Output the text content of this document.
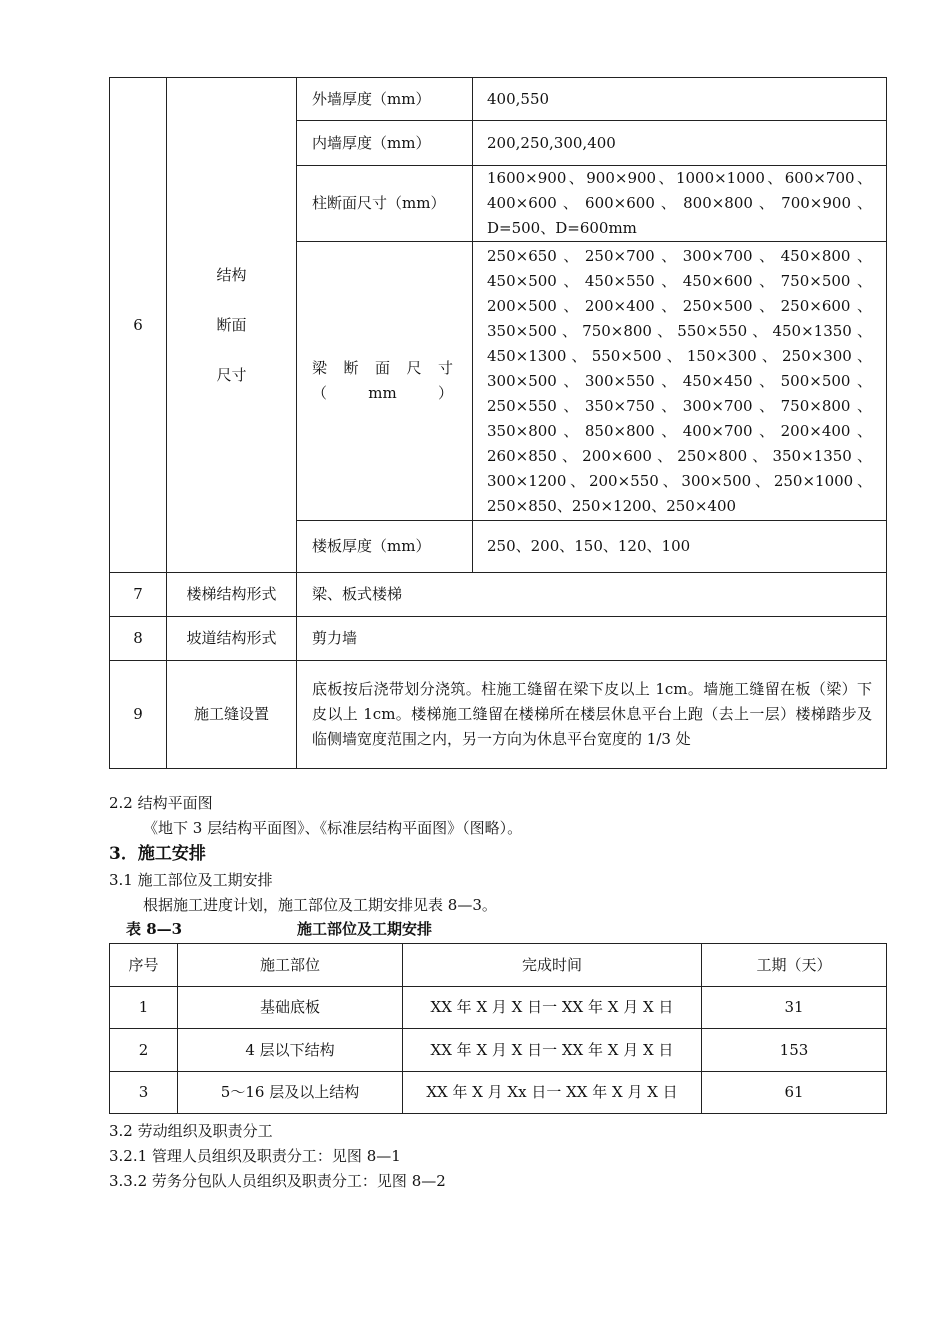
6	结构
断面
尺寸	外墙厚度（mm）	400,550
		内墙厚度（mm）	200,250,300,400
		柱断面尺寸（mm）	1600×900、900×900、1000×1000、600×700、400×600 、 600×600 、 800×800 、 700×900 、 D=500、D=600mm

		梁 断 面 尺 寸（mm）	250×650、250×700、300×700、450×800、450×500、450×550、450×600、750×500、200×500、200×400、250×500、250×600、350×500、750×800、550×550、450×1350、450×1300、550×500、150×300、250×300、300×500、300×550、450×450、500×500、250×550、350×750、300×700、750×800、350×800、850×800、400×700、200×400、260×850、200×600、250×800、350×1350、300×1200、200×550、300×500、250×1000、250×850、250×1200、250×400
		楼板厚度（mm）	250、200、150、120、100
7	楼梯结构形式	梁、板式楼梯	
8	坡道结构形式	剪力墙	
9	施工缝设置	底板按后浇带划分浇筑。柱施工缝留在梁下皮以上 1cm。墙施工缝留在板（梁）下皮以上 1cm。楼梯施工缝留在楼梯所在楼层休息平台上跑（去上一层）楼梯踏步及临侧墙宽度范围之内，另一方向为休息平台宽度的 1/3 处	
2.2 结构平面图
《地下 3 层结构平面图》、《标准层结构平面图》（图略）。
3．施工安排
3.1 施工部位及工期安排
根据施工进度计划，施工部位及工期安排见表 8—3。
表 8—3	施工部位及工期安排
序号	施工部位	完成时间	工期（天）
1	基础底板	XX 年 X 月 X 日一 XX 年 X 月 X 日	31
2	4 层以下结构	XX 年 X 月 X 日一 XX 年 X 月 X 日	153
3	5～16 层及以上结构	XX 年 X 月 Xx 日一 XX 年 X 月 X 日	61
3.2 劳动组织及职责分工
3.2.1 管理人员组织及职责分工：见图 8—1
3.3.2 劳务分包队人员组织及职责分工：见图 8—2
